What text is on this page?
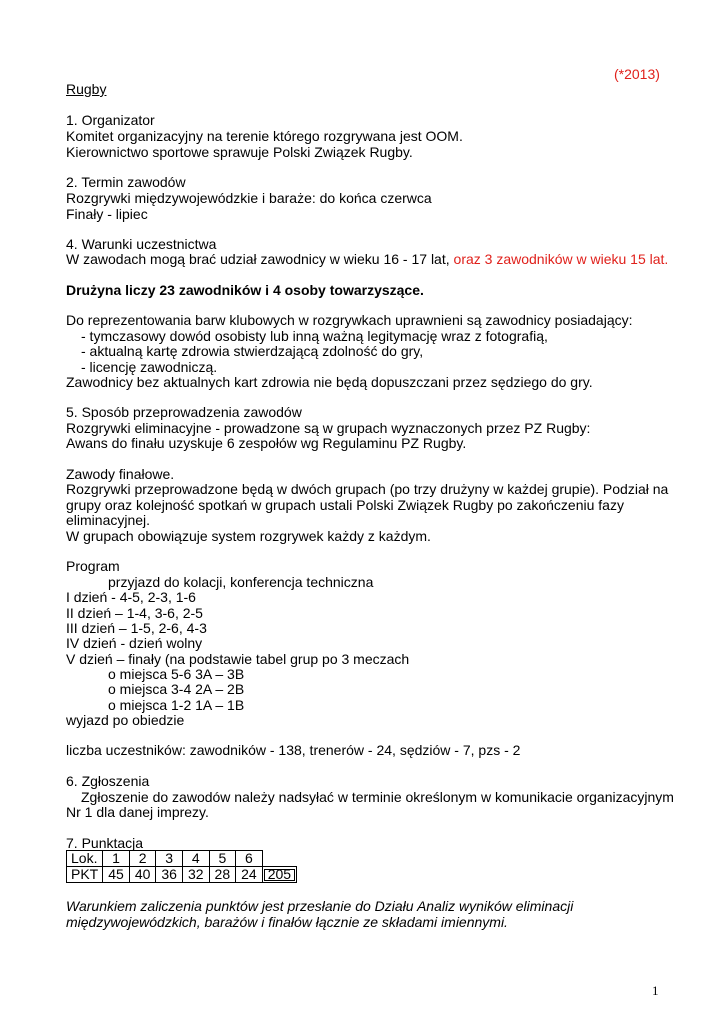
(*2013)
Rugby
1. Organizator
Komitet organizacyjny na terenie którego rozgrywana jest OOM.
Kierownictwo sportowe sprawuje Polski Związek Rugby.
2. Termin zawodów
Rozgrywki międzywojewódzkie i baraże: do końca czerwca
Finały - lipiec
4. Warunki uczestnictwa
W zawodach mogą brać udział zawodnicy w wieku 16 - 17 lat, oraz 3 zawodników w wieku 15 lat.
Drużyna liczy 23 zawodników i 4 osoby towarzyszące.
Do reprezentowania barw klubowych w rozgrywkach uprawnieni są zawodnicy posiadający:
- tymczasowy dowód osobisty lub inną ważną legitymację wraz z fotografią,
- aktualną kartę zdrowia stwierdzającą zdolność do gry,
- licencję zawodniczą.
Zawodnicy bez aktualnych kart zdrowia nie będą dopuszczani przez sędziego do gry.
5. Sposób przeprowadzenia zawodów
Rozgrywki eliminacyjne - prowadzone są w grupach wyznaczonych przez PZ Rugby:
Awans do finału uzyskuje 6 zespołów wg Regulaminu PZ Rugby.
Zawody finałowe.
Rozgrywki przeprowadzone będą w dwóch grupach (po trzy drużyny w każdej grupie). Podział na
grupy oraz kolejność spotkań w grupach ustali Polski Związek Rugby po zakończeniu fazy
eliminacyjnej.
W grupach obowiązuje system rozgrywek każdy z każdym.
Program
przyjazd do kolacji, konferencja techniczna
I dzień - 4-5, 2-3, 1-6
II dzień – 1-4, 3-6, 2-5
III dzień – 1-5, 2-6, 4-3
IV dzień - dzień wolny
V dzień – finały (na podstawie tabel grup po 3 meczach
o miejsca 5-6 3A – 3B
o miejsca 3-4 2A – 2B
o miejsca 1-2 1A – 1B
wyjazd po obiedzie
liczba uczestników: zawodników - 138, trenerów - 24, sędziów - 7, pzs - 2
6. Zgłoszenia
Zgłoszenie do zawodów należy nadsyłać w terminie określonym w komunikacie organizacyjnym
Nr 1 dla danej imprezy.
7. Punktacja
Lok.	1	2	3	4	5	6	
PKT	45	40	36	32	28	24	205
Warunkiem zaliczenia punktów jest przesłanie do Działu Analiz wyników eliminacji
międzywojewódzkich, barażów i finałów łącznie ze składami imiennymi.
1
